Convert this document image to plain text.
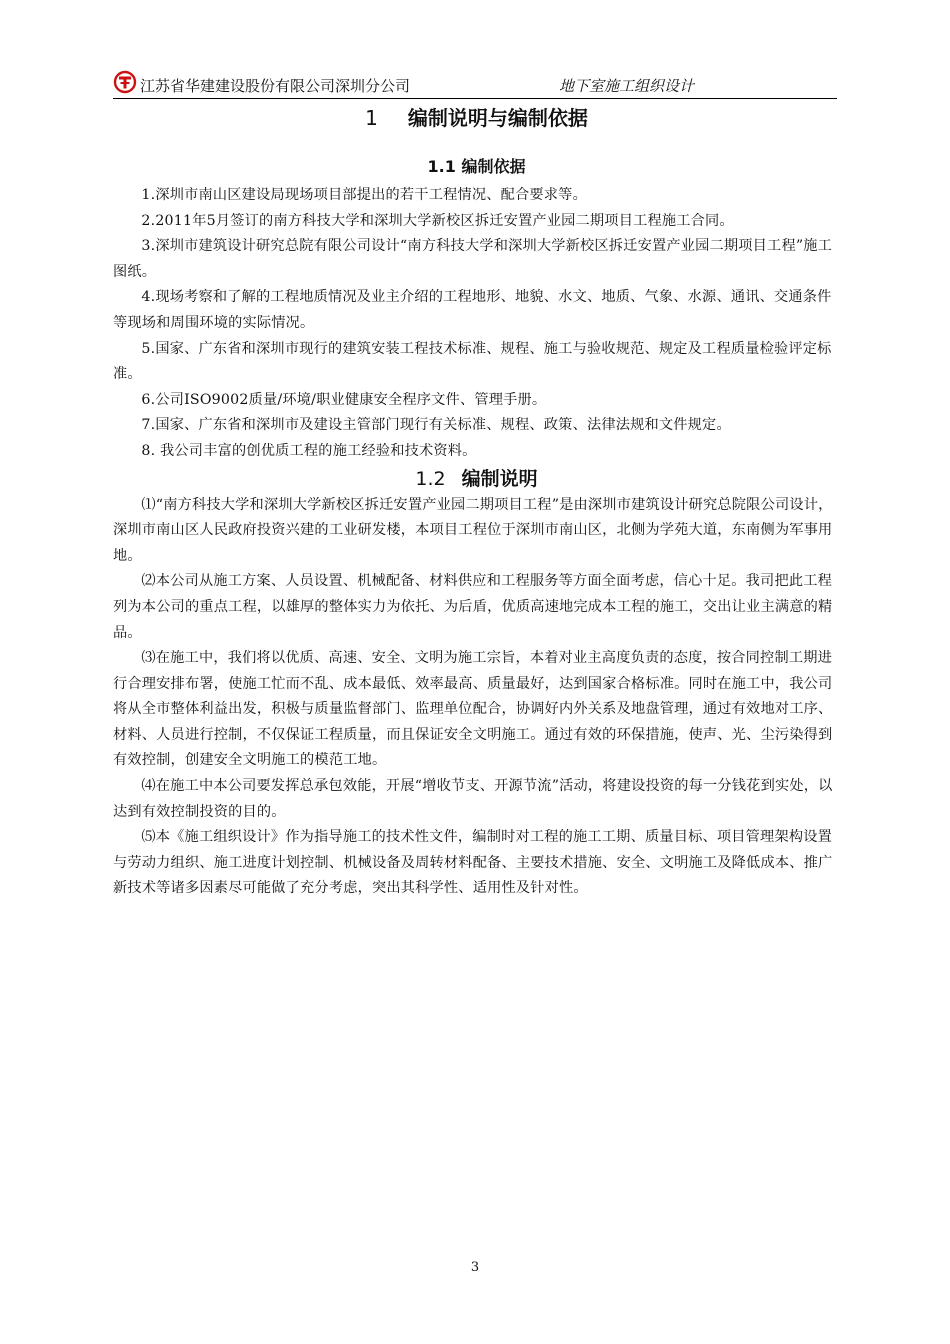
江苏省华建建设股份有限公司深圳分公司	地下室施工组织设计
1 编制说明与编制依据
1.1 编制依据

1.深圳市南山区建设局现场项目部提出的若干工程情况、配合要求等。

2.2011年5月签订的南方科技大学和深圳大学新校区拆迁安置产业园二期项目工程施工合同。

3.深圳市建筑设计研究总院有限公司设计“南方科技大学和深圳大学新校区拆迁安置产业园二期项目工程”施工图纸。

4.现场考察和了解的工程地质情况及业主介绍的工程地形、地貌、水文、地质、气象、水源、通讯、交通条件等现场和周围环境的实际情况。

5.国家、广东省和深圳市现行的建筑安装工程技术标准、规程、施工与验收规范、规定及工程质量检验评定标准。

6.公司ISO9002质量/环境/职业健康安全程序文件、管理手册。

7.国家、广东省和深圳市及建设主管部门现行有关标准、规程、政策、法律法规和文件规定。

8. 我公司丰富的创优质工程的施工经验和技术资料。

1.2 编制说明

⑴“南方科技大学和深圳大学新校区拆迁安置产业园二期项目工程”是由深圳市建筑设计研究总院限公司设计，深圳市南山区人民政府投资兴建的工业研发楼，本项目工程位于深圳市南山区，北侧为学苑大道，东南侧为军事用地。

⑵本公司从施工方案、人员设置、机械配备、材料供应和工程服务等方面全面考虑，信心十足。我司把此工程列为本公司的重点工程，以雄厚的整体实力为依托、为后盾，优质高速地完成本工程的施工，交出让业主满意的精品。

⑶在施工中，我们将以优质、高速、安全、文明为施工宗旨，本着对业主高度负责的态度，按合同控制工期进行合理安排布署，使施工忙而不乱、成本最低、效率最高、质量最好，达到国家合格标准。同时在施工中，我公司将从全市整体利益出发，积极与质量监督部门、监理单位配合，协调好内外关系及地盘管理，通过有效地对工序、材料、人员进行控制，不仅保证工程质量，而且保证安全文明施工。通过有效的环保措施，使声、光、尘污染得到有效控制，创建安全文明施工的模范工地。

⑷在施工中本公司要发挥总承包效能，开展“增收节支、开源节流”活动，将建设投资的每一分钱花到实处，以达到有效控制投资的目的。

⑸本《施工组织设计》作为指导施工的技术性文件，编制时对工程的施工工期、质量目标、项目管理架构设置与劳动力组织、施工进度计划控制、机械设备及周转材料配备、主要技术措施、安全、文明施工及降低成本、推广新技术等诸多因素尽可能做了充分考虑，突出其科学性、适用性及针对性。

3
